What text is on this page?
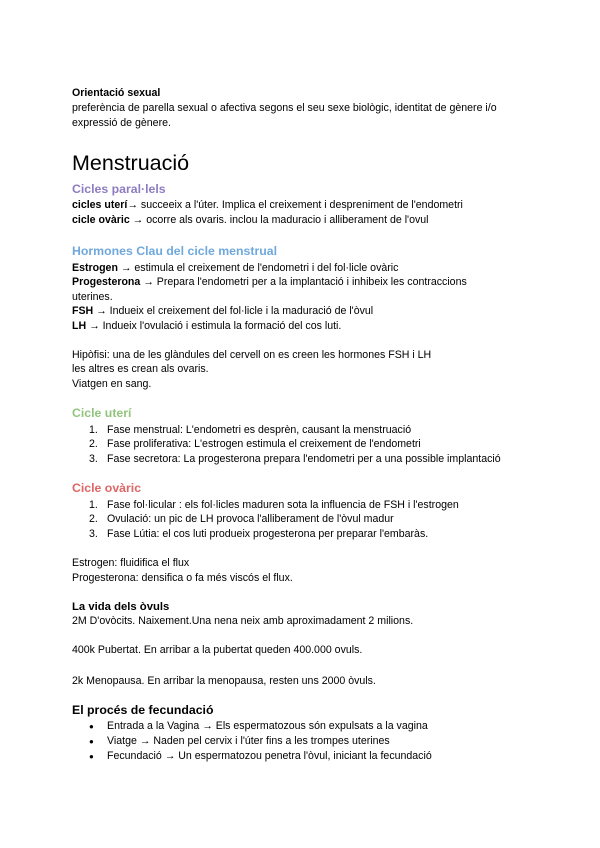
Orientació sexual
preferència de parella sexual o afectiva segons el seu sexe biològic, identitat de gènere i/o
expressió de gènere.
Menstruació
Cicles paral·lels
cicles uterí→ succeeix a l'úter. Implica el creixement i despreniment de l'endometri
cicle ovàric → ocorre als ovaris. inclou la maduracio i alliberament de l'ovul
Hormones Clau del cicle menstrual
Estrogen → estimula el creixement de l'endometri i del fol·licle ovàric
Progesterona → Prepara l'endometri per a la implantació i inhibeix les contraccions
uterines.
FSH → Indueix el creixement del fol·licle i la maduració de l'òvul
LH → Indueix l'ovulació i estimula la formació del cos luti.
Hipòfisi: una de les glàndules del cervell on es creen les hormones FSH i LH
les altres es crean als ovaris.
Viatgen en sang.
Cicle uterí
1. Fase menstrual: L'endometri es desprèn, causant la menstruació
2. Fase proliferativa: L'estrogen estimula el creixement de l'endometri
3. Fase secretora: La progesterona prepara l'endometri per a una possible implantació
Cicle ovàric
1. Fase fol·licular : els fol·licles maduren sota la influencia de FSH i l'estrogen
2. Ovulació: un pic de LH provoca l'alliberament de l'òvul madur
3. Fase Lútia: el cos luti produeix progesterona per preparar l'embaràs.
Estrogen: fluidifica el flux
Progesterona: densifica o fa més viscós el flux.
La vida dels òvuls
2M D'ovòcits. Naixement.Una nena neix amb aproximadament 2 milions.
400k Pubertat. En arribar a la pubertat queden 400.000 ovuls.
2k Menopausa. En arribar la menopausa, resten uns 2000 òvuls.
El procés de fecundació
● Entrada a la Vagina → Els espermatozous són expulsats a la vagina
● Viatge → Naden pel cervix i l'úter fins a les trompes uterines
● Fecundació → Un espermatozou penetra l'òvul, iniciant la fecundació
